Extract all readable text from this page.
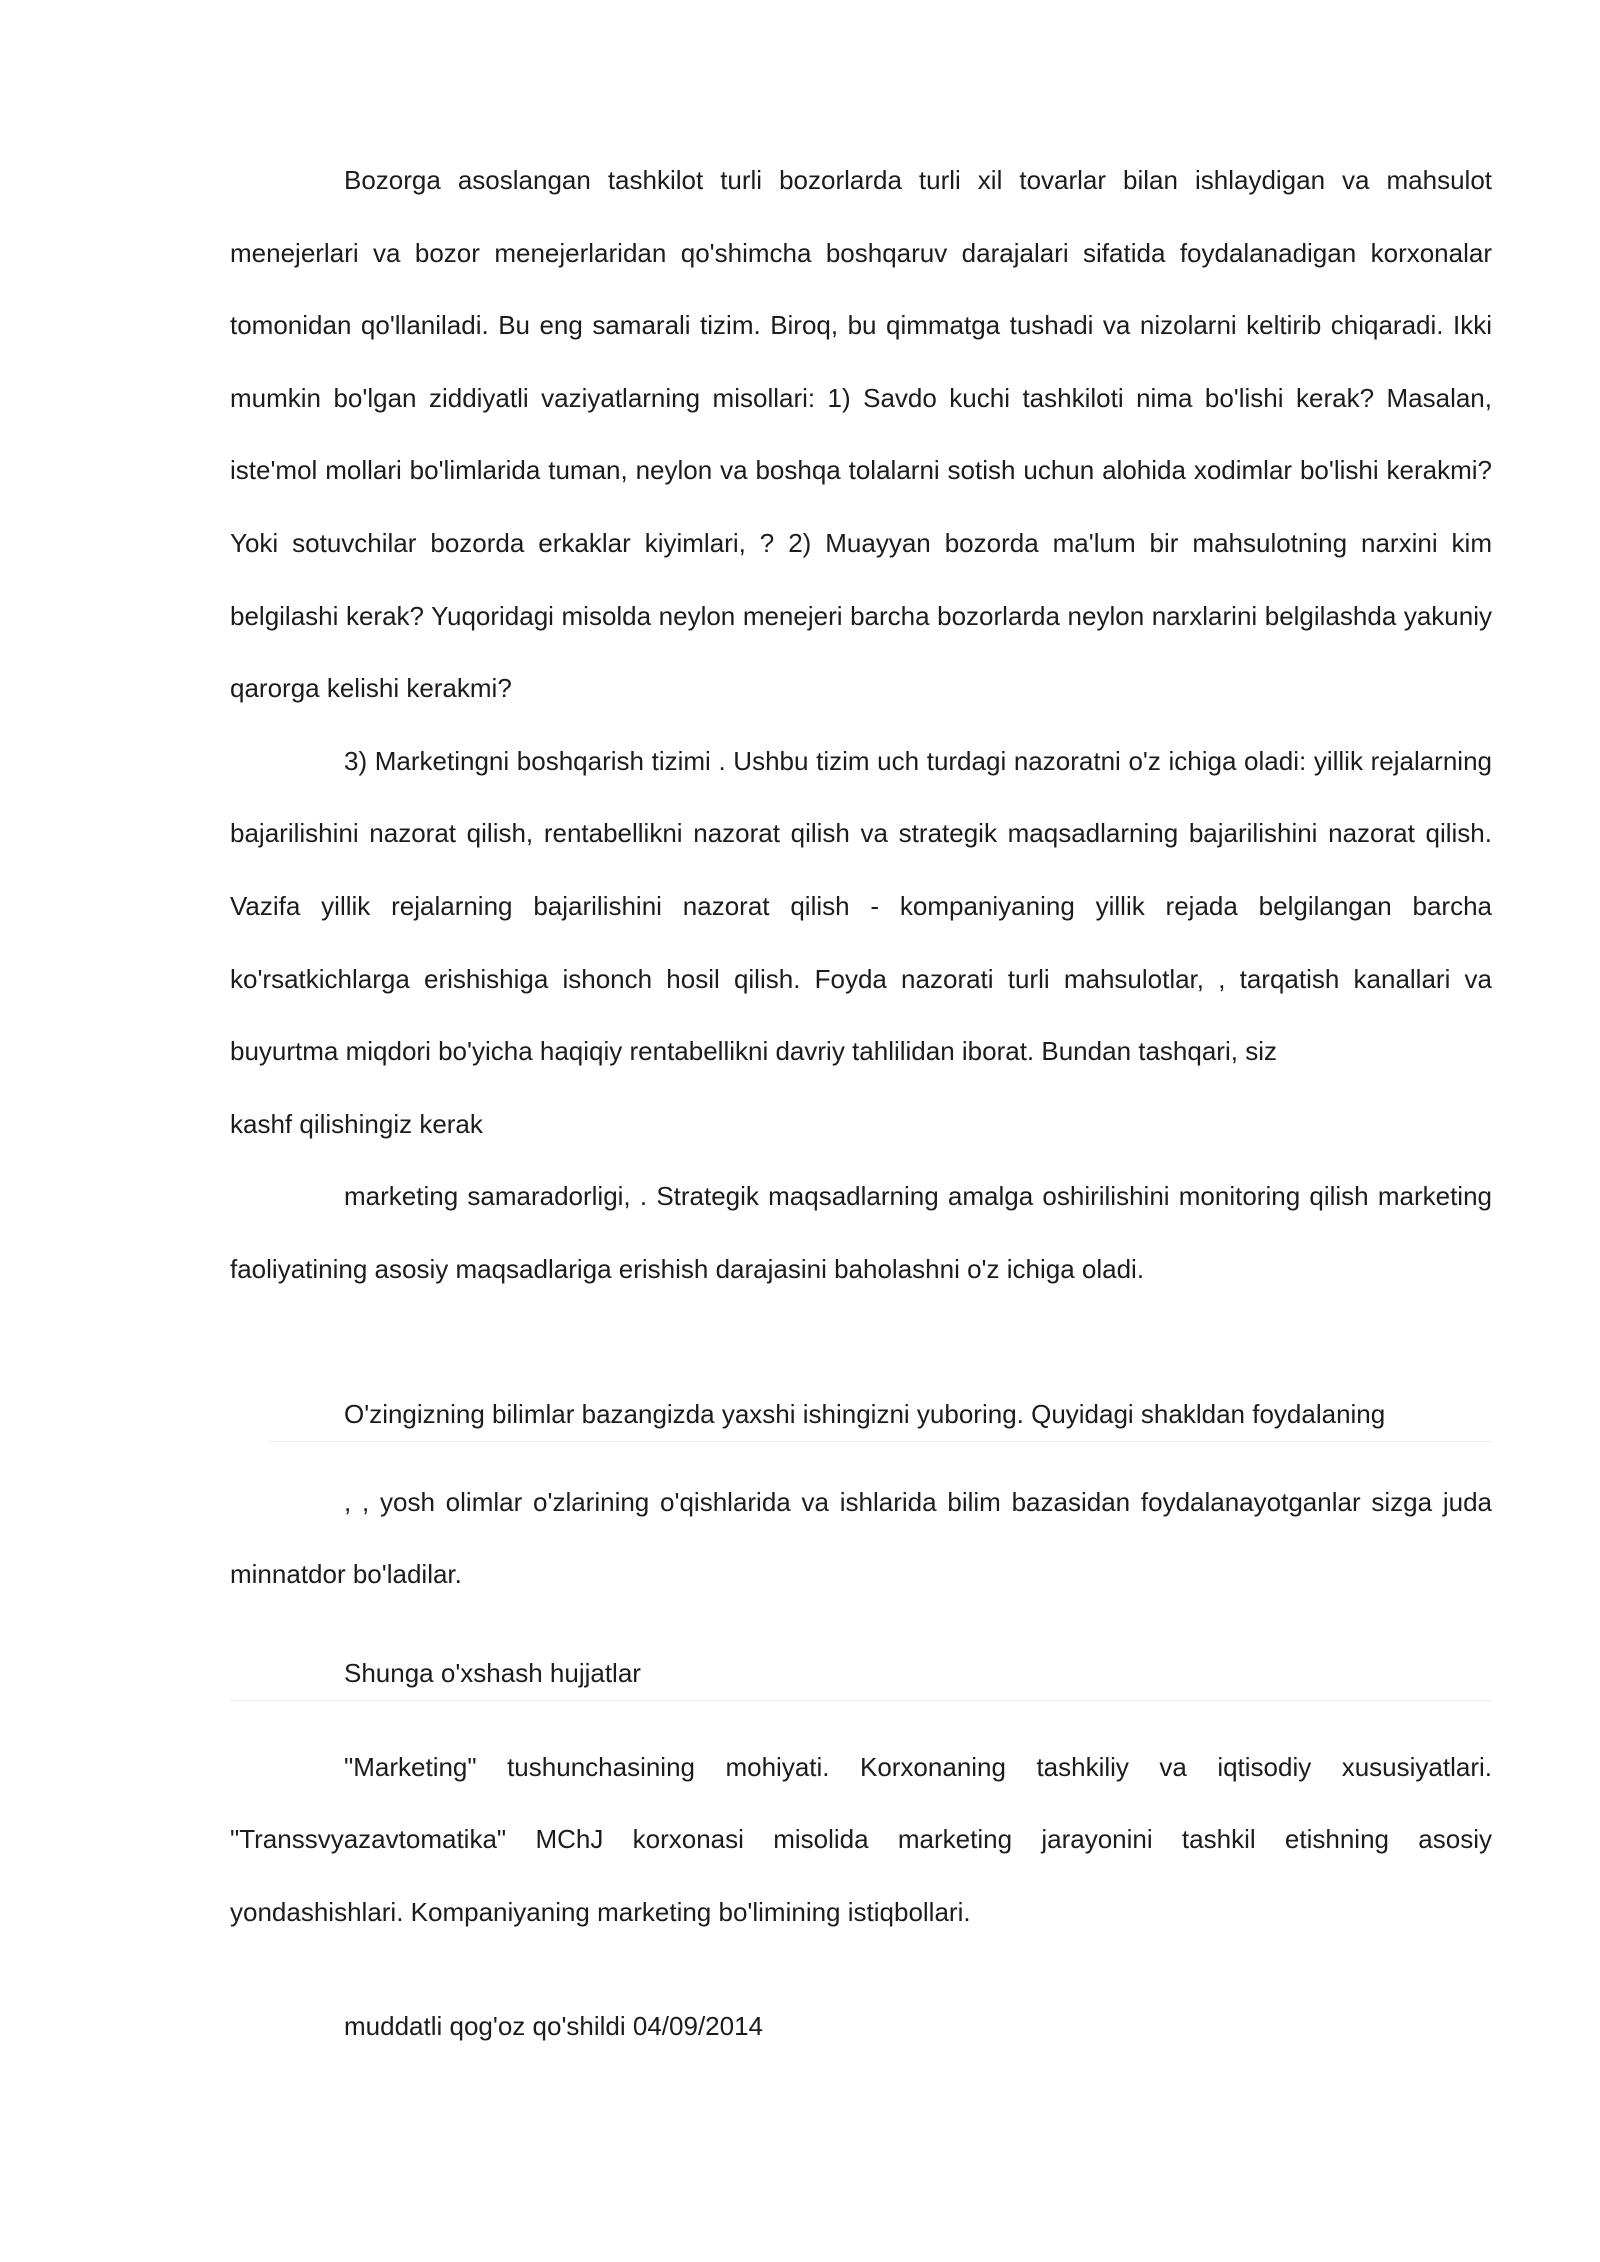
Bozorga asoslangan tashkilot turli bozorlarda turli xil tovarlar bilan ishlaydigan va mahsulot menejerlari va bozor menejerlaridan qo'shimcha boshqaruv darajalari sifatida foydalanadigan korxonalar tomonidan qo'llaniladi. Bu eng samarali tizim. Biroq, bu qimmatga tushadi va nizolarni keltirib chiqaradi. Ikki mumkin bo'lgan ziddiyatli vaziyatlarning misollari: 1) Savdo kuchi tashkiloti nima bo'lishi kerak? Masalan, iste'mol mollari bo'limlarida tuman, neylon va boshqa tolalarni sotish uchun alohida xodimlar bo'lishi kerakmi? Yoki sotuvchilar bozorda erkaklar kiyimlari, ? 2) Muayyan bozorda ma'lum bir mahsulotning narxini kim belgilashi kerak? Yuqoridagi misolda neylon menejeri barcha bozorlarda neylon narxlarini belgilashda yakuniy qarorga kelishi kerakmi?

3) Marketingni boshqarish tizimi . Ushbu tizim uch turdagi nazoratni o'z ichiga oladi: yillik rejalarning bajarilishini nazorat qilish, rentabellikni nazorat qilish va strategik maqsadlarning bajarilishini nazorat qilish. Vazifa yillik rejalarning bajarilishini nazorat qilish - kompaniyaning yillik rejada belgilangan barcha ko'rsatkichlarga erishishiga ishonch hosil qilish. Foyda nazorati turli mahsulotlar, , tarqatish kanallari va buyurtma miqdori bo'yicha haqiqiy rentabellikni davriy tahlilidan iborat. Bundan tashqari, siz

kashf qilishingiz kerak

marketing samaradorligi, . Strategik maqsadlarning amalga oshirilishini monitoring qilish marketing faoliyatining asosiy maqsadlariga erishish darajasini baholashni o'z ichiga oladi.

O'zingizning bilimlar bazangizda yaxshi ishingizni yuboring. Quyidagi shakldan foydalaning

, , yosh olimlar o'zlarining o'qishlarida va ishlarida bilim bazasidan foydalanayotganlar sizga juda minnatdor bo'ladilar.

Shunga o'xshash hujjatlar

"Marketing" tushunchasining mohiyati. Korxonaning tashkiliy va iqtisodiy xususiyatlari. "Transsvyazavtomatika" MChJ korxonasi misolida marketing jarayonini tashkil etishning asosiy yondashishlari. Kompaniyaning marketing bo'limining istiqbollari.

muddatli qog'oz qo'shildi 04/09/2014
